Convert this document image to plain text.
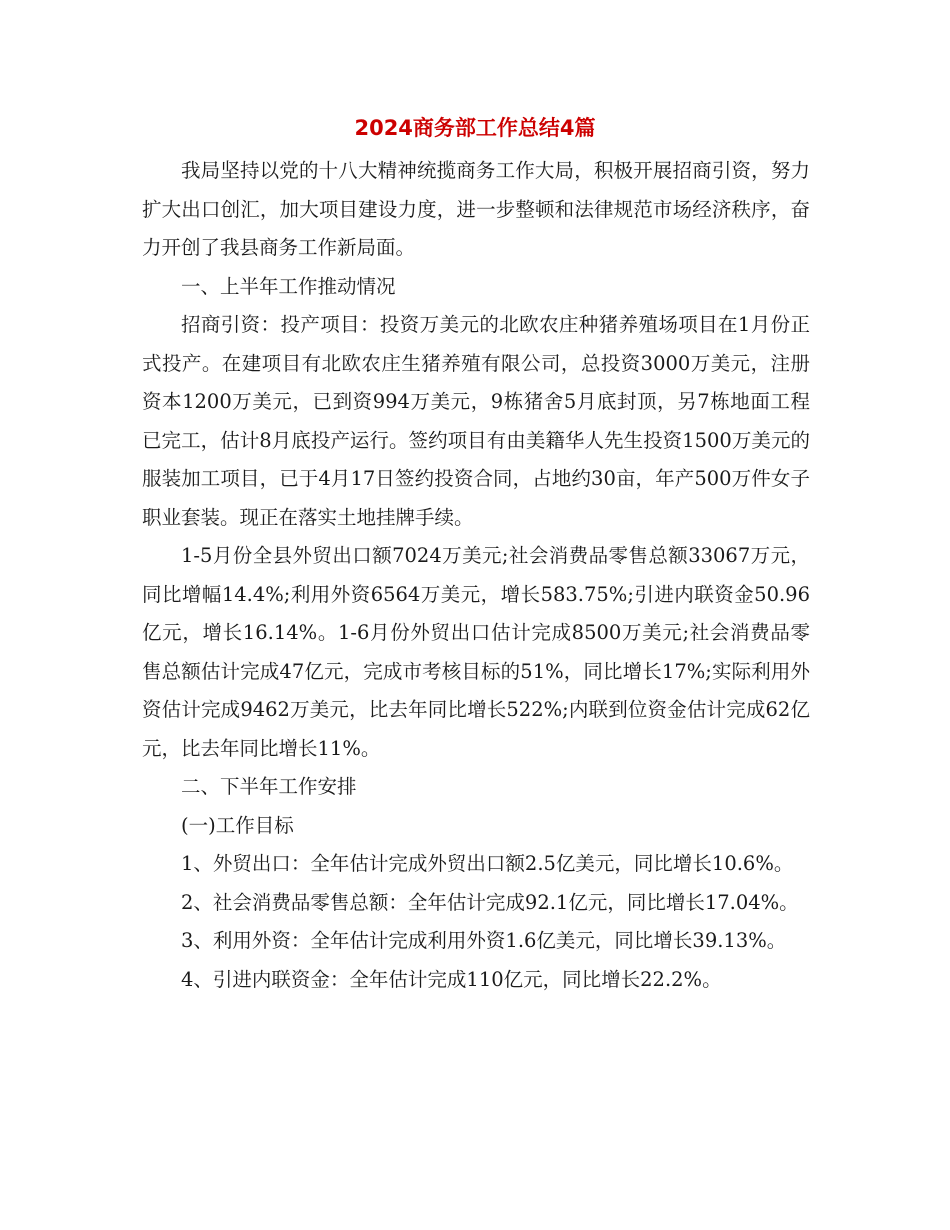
2024商务部工作总结4篇

我局坚持以党的十八大精神统揽商务工作大局，积极开展招商引资，努力扩大出口创汇，加大项目建设力度，进一步整顿和法律规范市场经济秩序，奋力开创了我县商务工作新局面。

一、上半年工作推动情况

招商引资：投产项目：投资万美元的北欧农庄种猪养殖场项目在1月份正式投产。在建项目有北欧农庄生猪养殖有限公司，总投资3000万美元，注册资本1200万美元，已到资994万美元，9栋猪舍5月底封顶，另7栋地面工程已完工，估计8月底投产运行。签约项目有由美籍华人先生投资1500万美元的服装加工项目，已于4月17日签约投资合同，占地约30亩，年产500万件女子职业套装。现正在落实土地挂牌手续。

1-5月份全县外贸出口额7024万美元;社会消费品零售总额33067万元，同比增幅14.4%;利用外资6564万美元，增长583.75%;引进内联资金50.96亿元，增长16.14%。1-6月份外贸出口估计完成8500万美元;社会消费品零售总额估计完成47亿元，完成市考核目标的51%，同比增长17%;实际利用外资估计完成9462万美元，比去年同比增长522%;内联到位资金估计完成62亿元，比去年同比增长11%。

二、下半年工作安排

(一)工作目标

1、外贸出口：全年估计完成外贸出口额2.5亿美元，同比增长10.6%。

2、社会消费品零售总额：全年估计完成92.1亿元，同比增长17.04%。

3、利用外资：全年估计完成利用外资1.6亿美元，同比增长39.13%。

4、引进内联资金：全年估计完成110亿元，同比增长22.2%。
